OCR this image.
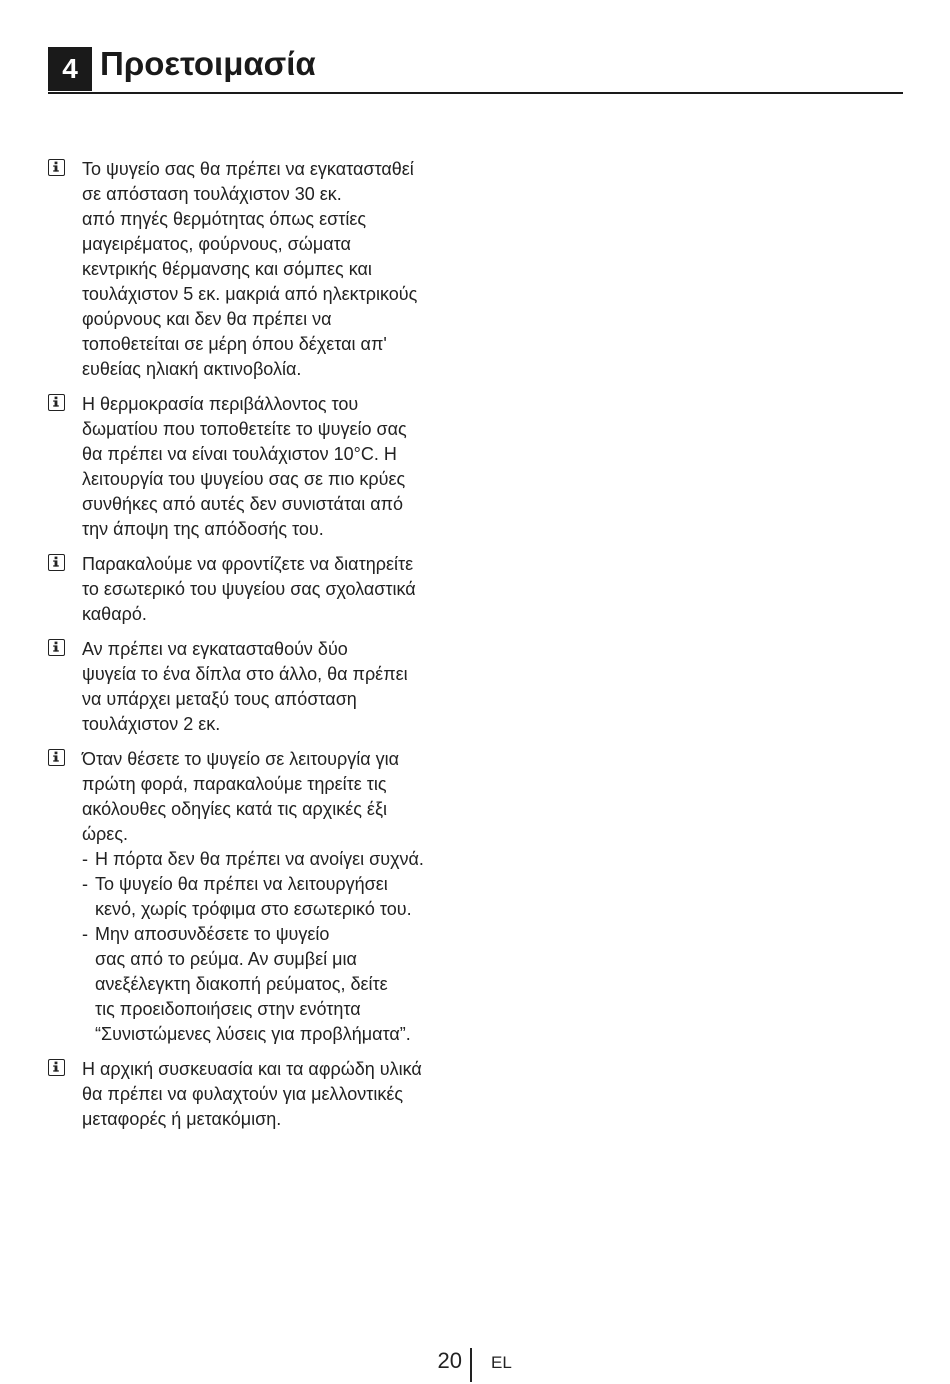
4 Προετοιμασία
Το ψυγείο σας θα πρέπει να εγκατασταθεί
σε απόσταση τουλάχιστον 30 εκ.
από πηγές θερμότητας όπως εστίες
μαγειρέματος, φούρνους, σώματα
κεντρικής θέρμανσης και σόμπες και
τουλάχιστον 5 εκ. μακριά από ηλεκτρικούς
φούρνους και δεν θα πρέπει να
τοποθετείται σε μέρη όπου δέχεται απ'
ευθείας ηλιακή ακτινοβολία.
Η θερμοκρασία περιβάλλοντος του
δωματίου που τοποθετείτε το ψυγείο σας
θα πρέπει να είναι τουλάχιστον 10°C. Η
λειτουργία του ψυγείου σας σε πιο κρύες
συνθήκες από αυτές δεν συνιστάται από
την άποψη της απόδοσής του.
Παρακαλούμε να φροντίζετε να διατηρείτε
το εσωτερικό του ψυγείου σας σχολαστικά
καθαρό.
Αν πρέπει να εγκατασταθούν δύο
ψυγεία το ένα δίπλα στο άλλο, θα πρέπει
να υπάρχει μεταξύ τους απόσταση
τουλάχιστον 2 εκ.
Όταν θέσετε το ψυγείο σε λειτουργία για
πρώτη φορά, παρακαλούμε τηρείτε τις
ακόλουθες οδηγίες κατά τις αρχικές έξι
ώρες.
- Η πόρτα δεν θα πρέπει να ανοίγει συχνά.
- Το ψυγείο θα πρέπει να λειτουργήσει
κενό, χωρίς τρόφιμα στο εσωτερικό του.
- Μην αποσυνδέσετε το ψυγείο
σας από το ρεύμα. Αν συμβεί μια
ανεξέλεγκτη διακοπή ρεύματος, δείτε
τις προειδοποιήσεις στην ενότητα
“Συνιστώμενες λύσεις για προβλήματα”.
Η αρχική συσκευασία και τα αφρώδη υλικά
θα πρέπει να φυλαχτούν για μελλοντικές
μεταφορές ή μετακόμιση.
20 EL
